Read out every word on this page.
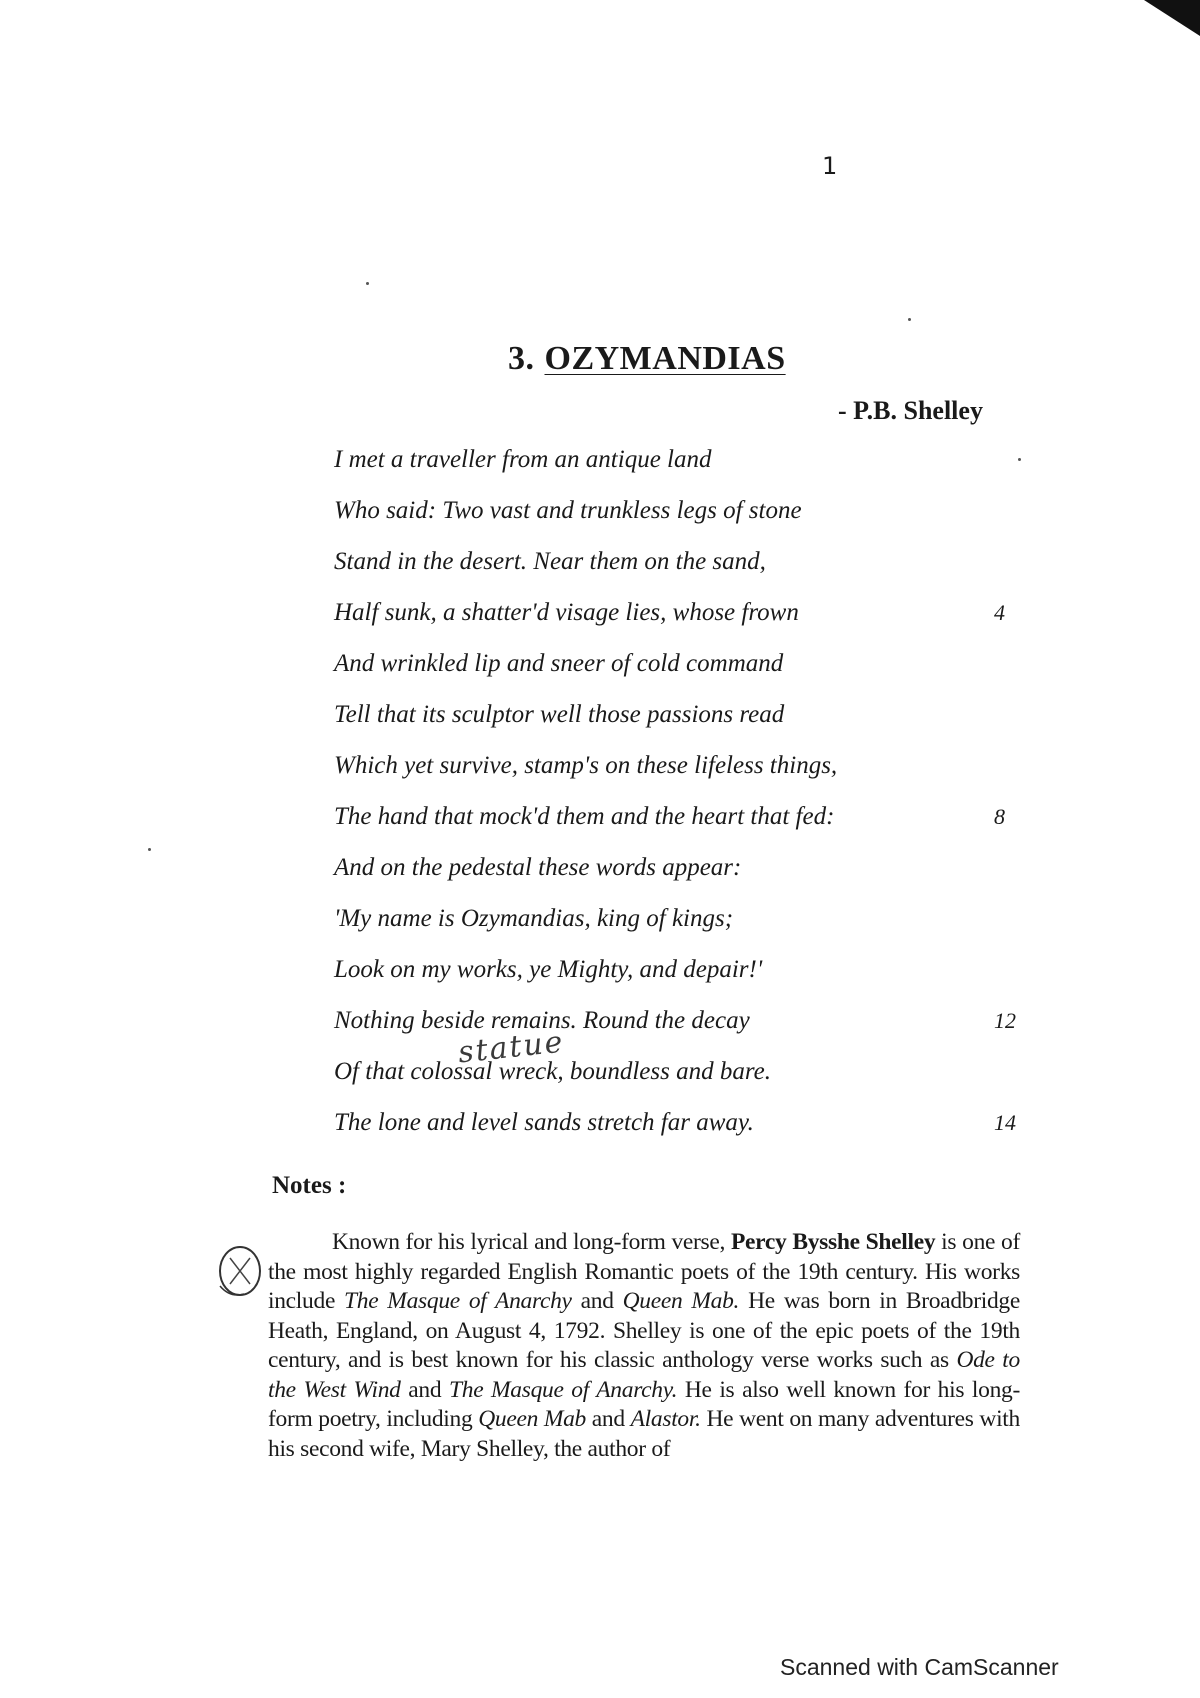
1
3. OZYMANDIAS
- P.B. Shelley
I met a traveller from an antique land
Who said: Two vast and trunkless legs of stone
Stand in the desert. Near them on the sand,
Half sunk, a shatter'd visage lies, whose frown	4
And wrinkled lip and sneer of cold command
Tell that its sculptor well those passions read
Which yet survive, stamp's on these lifeless things,
The hand that mock'd them and the heart that fed:	8
And on the pedestal these words appear:
'My name is Ozymandias, king of kings;
Look on my works, ye Mighty, and depair!'
Nothing beside remains. Round the decay	12
Of that colossal wreck, boundless and bare.
The lone and level sands stretch far away.	14
statue
Notes :

Known for his lyrical and long-form verse, Percy Bysshe Shelley is one of the most highly regarded English Romantic poets of the 19th century. His works include The Masque of Anarchy and Queen Mab. He was born in Broadbridge Heath, England, on August 4, 1792. Shelley is one of the epic poets of the 19th century, and is best known for his classic anthology verse works such as Ode to the West Wind and The Masque of Anarchy. He is also well known for his long-form poetry, including Queen Mab and Alastor. He went on many adventures with his second wife, Mary Shelley, the author of

Scanned with CamScanner
